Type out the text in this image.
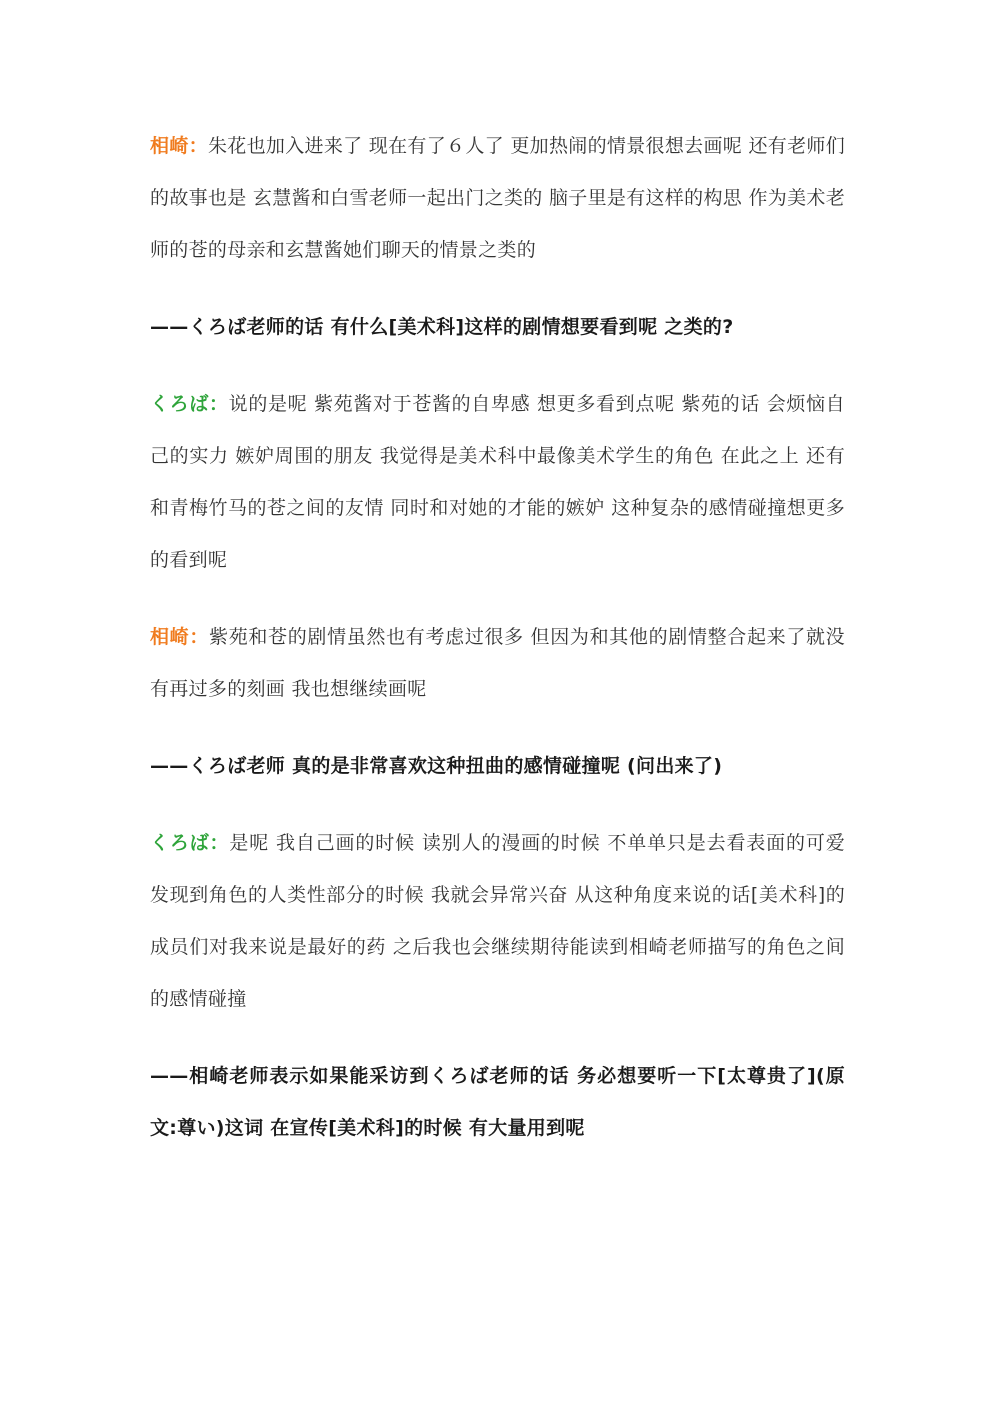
相崎：朱花也加入进来了 现在有了６人了 更加热闹的情景很想去画呢 还有老师们的故事也是 玄慧酱和白雪老师一起出门之类的 脑子里是有这样的构思 作为美术老师的苍的母亲和玄慧酱她们聊天的情景之类的

——くろば老师的话 有什么[美术科]这样的剧情想要看到呢 之类的?

くろば：说的是呢 紫苑酱对于苍酱的自卑感 想更多看到点呢 紫苑的话 会烦恼自己的实力 嫉妒周围的朋友 我觉得是美术科中最像美术学生的角色 在此之上 还有和青梅竹马的苍之间的友情 同时和对她的才能的嫉妒 这种复杂的感情碰撞想更多的看到呢

相崎：紫苑和苍的剧情虽然也有考虑过很多 但因为和其他的剧情整合起来了就没有再过多的刻画 我也想继续画呢

——くろば老师 真的是非常喜欢这种扭曲的感情碰撞呢 (问出来了)

くろば：是呢 我自己画的时候 读别人的漫画的时候 不单单只是去看表面的可爱 发现到角色的人类性部分的时候 我就会异常兴奋 从这种角度来说的话[美术科]的成员们对我来说是最好的药 之后我也会继续期待能读到相崎老师描写的角色之间的感情碰撞

——相崎老师表示如果能采访到くろば老师的话 务必想要听一下[太尊贵了](原文:尊い)这词 在宣传[美术科]的时候 有大量用到呢
